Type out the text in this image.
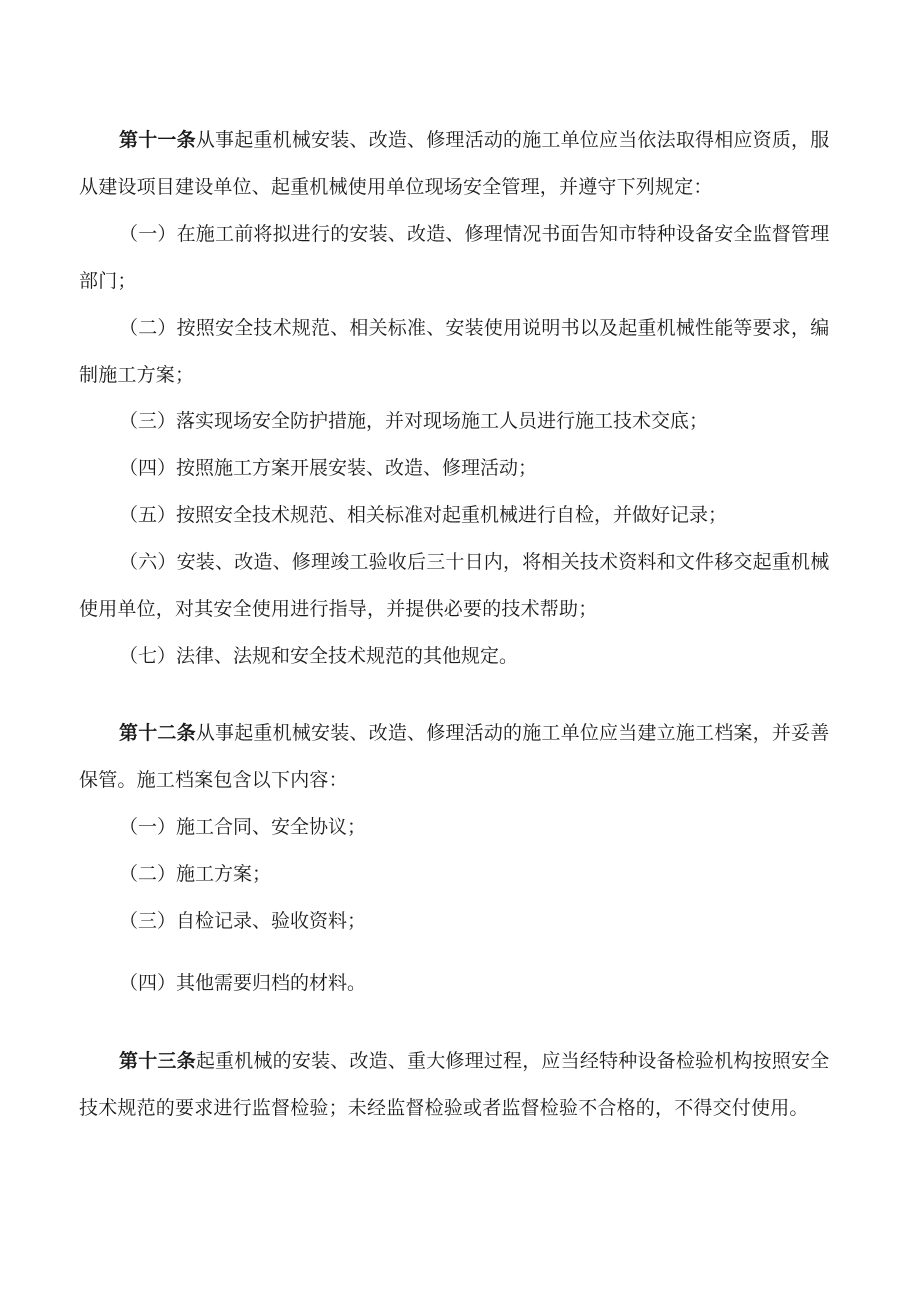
第十一条从事起重机械安装、改造、修理活动的施工单位应当依法取得相应资质，服从建设项目建设单位、起重机械使用单位现场安全管理，并遵守下列规定：

（一）在施工前将拟进行的安装、改造、修理情况书面告知市特种设备安全监督管理部门；

（二）按照安全技术规范、相关标准、安装使用说明书以及起重机械性能等要求，编制施工方案；

（三）落实现场安全防护措施，并对现场施工人员进行施工技术交底；

（四）按照施工方案开展安装、改造、修理活动；

（五）按照安全技术规范、相关标准对起重机械进行自检，并做好记录；

（六）安装、改造、修理竣工验收后三十日内，将相关技术资料和文件移交起重机械使用单位，对其安全使用进行指导，并提供必要的技术帮助；

（七）法律、法规和安全技术规范的其他规定。

第十二条从事起重机械安装、改造、修理活动的施工单位应当建立施工档案，并妥善保管。施工档案包含以下内容：

（一）施工合同、安全协议；

（二）施工方案；

（三）自检记录、验收资料；

（四）其他需要归档的材料。

第十三条起重机械的安装、改造、重大修理过程，应当经特种设备检验机构按照安全技术规范的要求进行监督检验；未经监督检验或者监督检验不合格的，不得交付使用。
